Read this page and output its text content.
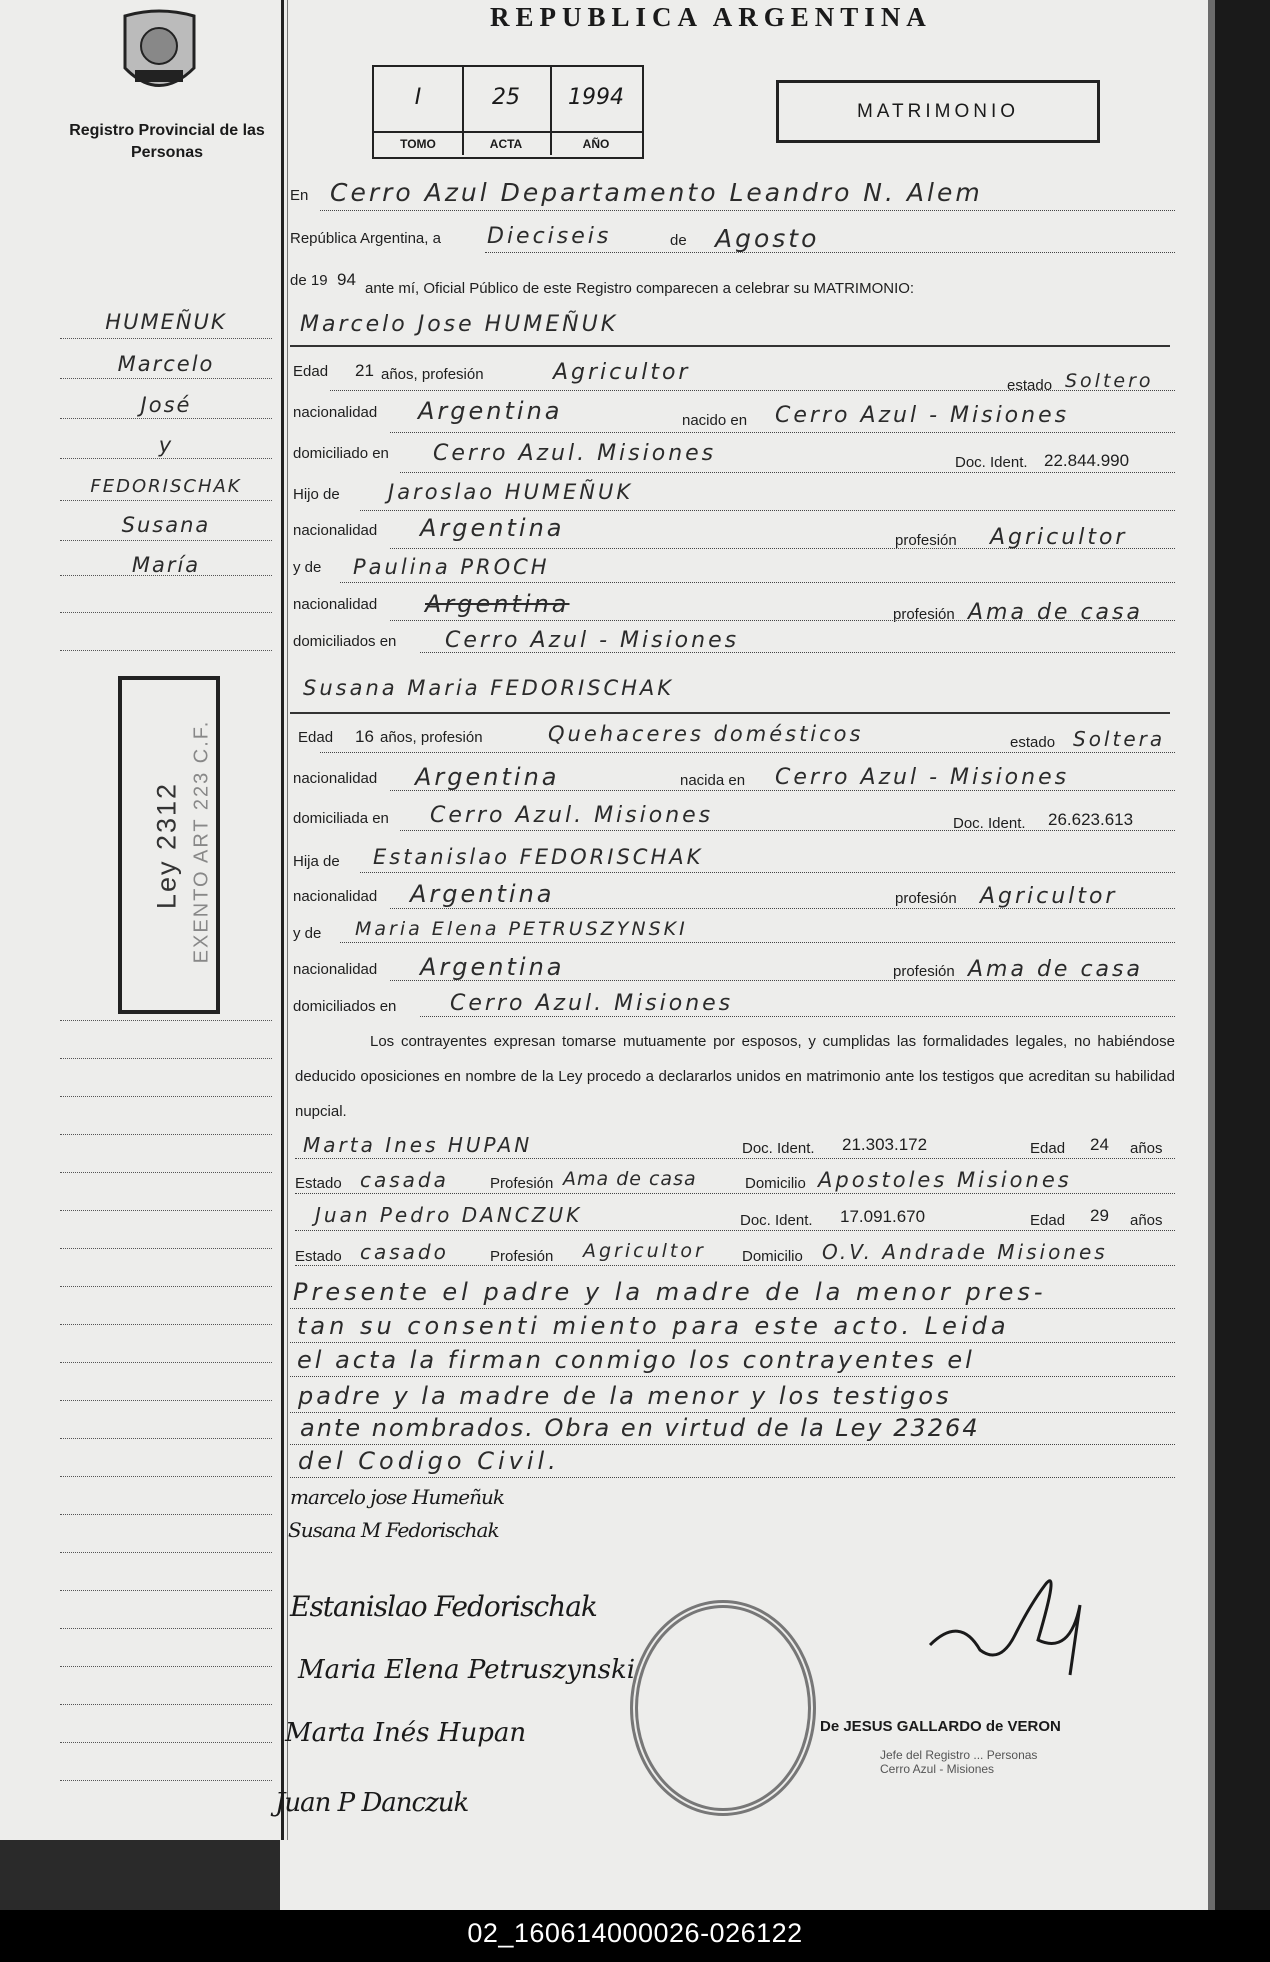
Registro Provincial de las Personas
REPUBLICA ARGENTINA
I
TOMO
25
ACTA
1994
AÑO
MATRIMONIO
En Cerro Azul Departamento Leandro N. Alem
República Argentina, a Dieciseis	de Agosto
de 19 94 ante mí, Oficial Público de este Registro comparecen a celebrar su MATRIMONIO:
HUMEÑUK
Marcelo
José
y
FEDORISCHAK
Susana
María
Ley 2312 EXENTO ART 223 C.F.
Marcelo Jose HUMEÑUK
Edad 21 años, profesión	Agricultor
estado Soltero
nacionalidad Argentina	nacido en Cerro Azul - Misiones
domiciliado en Cerro Azul. Misiones	Doc. Ident. 22.844.990
Hijo de Jaroslao HUMEÑUK
nacionalidad Argentina	profesión Agricultor
y de Paulina PROCH
nacionalidad Argentina	profesión Ama de casa
domiciliados en Cerro Azul - Misiones
Susana Maria FEDORISCHAK
Edad 16 años, profesión	Quehaceres domésticos	estado Soltera
nacionalidad Argentina	nacida en Cerro Azul - Misiones
domiciliada en Cerro Azul. Misiones	Doc. Ident. 26.623.613
Hija de Estanislao FEDORISCHAK
nacionalidad Argentina	profesión Agricultor
y de Maria Elena PETRUSZYNSKI
nacionalidad Argentina	profesión Ama de casa
domiciliados en Cerro Azul. Misiones
Los contrayentes expresan tomarse mutuamente por esposos, y cumplidas las formalidades legales, no habiéndose deducido oposiciones en nombre de la Ley procedo a declararlos unidos en matrimonio ante los testigos que acreditan su habilidad nupcial.
Marta Ines HUPAN	Doc. Ident. 21.303.172	Edad 24 años
Estado casada	Profesión Ama de casa	Domicilio Apostoles Misiones
Juan Pedro DANCZUK	Doc. Ident. 17.091.670	Edad 29 años
Estado casado	Profesión Agricultor Domicilio O.V. Andrade Misiones
Presente el padre y la madre de la menor pres-
tan su consenti miento para este acto. Leida
el acta la firman conmigo los contrayentes el
padre y la madre de la menor y los testigos
ante nombrados. Obra en virtud de la Ley 23264
del Codigo Civil.
marcelo jose Humeñuk
Susana M Fedorischak
Estanislao Fedorischak
Maria Elena Petruszynski
Marta Inés Hupan
Juan P Danczuk
De JESUS GALLARDO de VERON
Jefe del Registro ... Personas
Cerro Azul - Misiones
02_160614000026-026122
